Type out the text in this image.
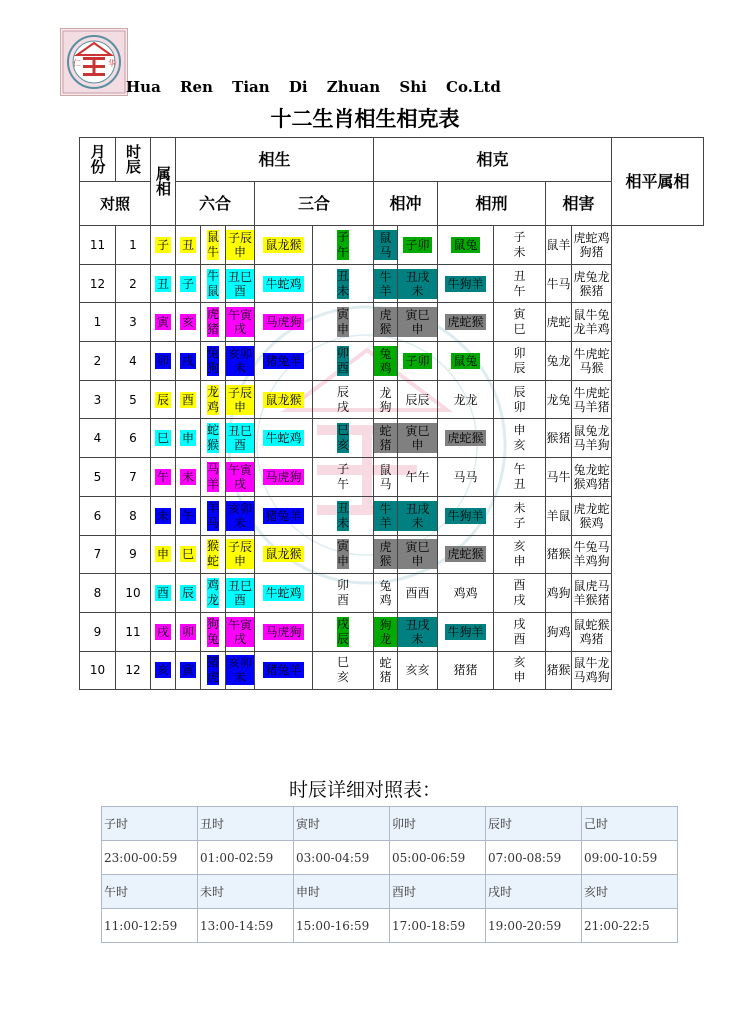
仁	华
Hua Ren Tian Di Zhuan Shi Co.Ltd
十二生肖相生相克表
月份	时辰	属相	相生					相克						相平属相
对照			六合			三合		相冲		相刑		相害		
11	1	子	丑	鼠牛	子辰申	鼠龙猴	子午	鼠马	子卯	鼠兔	子未	鼠羊	虎蛇鸡狗猪	
12	2	丑	子	牛鼠	丑巳酉	牛蛇鸡	丑未	牛羊	丑戌未	牛狗羊	丑午	牛马	虎兔龙猴猪	
1	3	寅	亥	虎猪	午寅戌	马虎狗	寅申	虎猴	寅巳申	虎蛇猴	寅巳	虎蛇	鼠牛兔龙羊鸡	
2	4	卯	戌	兔狗	亥卯未	猪兔羊	卯酉	兔鸡	子卯	鼠兔	卯辰	兔龙	牛虎蛇马猴	
3	5	辰	酉	龙鸡	子辰申	鼠龙猴	辰戌	龙狗	辰辰	龙龙	辰卯	龙兔	牛虎蛇马羊猪	
4	6	巳	申	蛇猴	丑巳酉	牛蛇鸡	巳亥	蛇猪	寅巳申	虎蛇猴	申亥	猴猪	鼠兔龙马羊狗	
5	7	午	未	马羊	午寅戌	马虎狗	子午	鼠马	午午	马马	午丑	马牛	兔龙蛇猴鸡猪	
6	8	未	午	羊马	亥卯未	猪兔羊	丑未	牛羊	丑戌未	牛狗羊	未子	羊鼠	虎龙蛇猴鸡	
7	9	申	巳	猴蛇	子辰申	鼠龙猴	寅申	虎猴	寅巳申	虎蛇猴	亥申	猪猴	牛兔马羊鸡狗	
8	10	酉	辰	鸡龙	丑巳酉	牛蛇鸡	卯酉	兔鸡	酉酉	鸡鸡	酉戌	鸡狗	鼠虎马羊猴猪	
9	11	戌	卯	狗兔	午寅戌	马虎狗	戌辰	狗龙	丑戌未	牛狗羊	戌酉	狗鸡	鼠蛇猴鸡猪	
10	12	亥	寅	猪虎	亥卯未	猪兔羊	巳亥	蛇猪	亥亥	猪猪	亥申	猪猴	鼠牛龙马鸡狗	
时辰详细对照表：
子时	丑时	寅时	卯时	辰时	己时
23:00-00:59	01:00-02:59	03:00-04:59	05:00-06:59	07:00-08:59	09:00-10:59
午时	未时	申时	酉时	戌时	亥时
11:00-12:59	13:00-14:59	15:00-16:59	17:00-18:59	19:00-20:59	21:00-22:5
